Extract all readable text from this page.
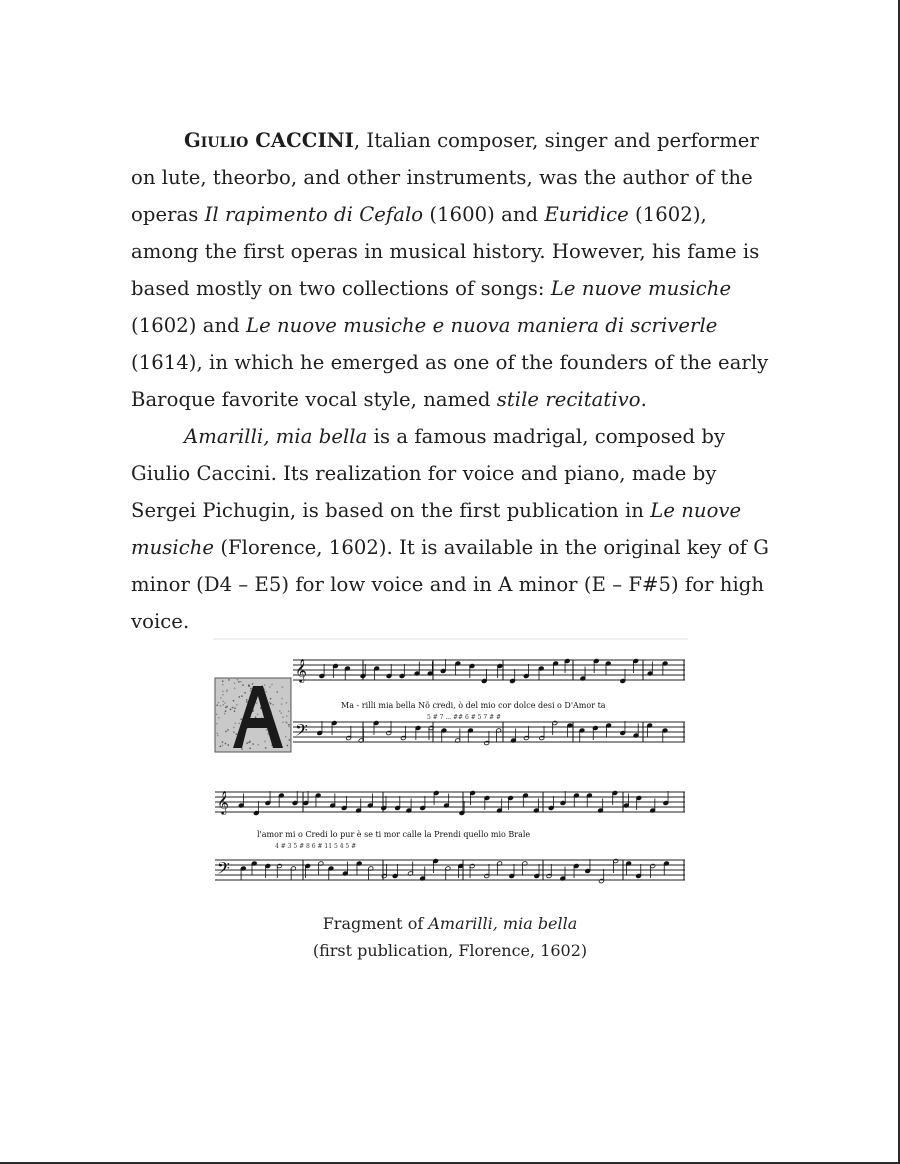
Giulio CACCINI, Italian composer, singer and performer on lute, theorbo, and other instruments, was the author of the operas Il rapimento di Cefalo (1600) and Euridice (1602), among the first operas in musical history. However, his fame is based mostly on two collections of songs: Le nuove musiche (1602) and Le nuove musiche e nuova maniera di scriverle (1614), in which he emerged as one of the founders of the early Baroque favorite vocal style, named stile recitativo.

Amarilli, mia bella is a famous madrigal, composed by Giulio Caccini. Its realization for voice and piano, made by Sergei Pichugin, is based on the first publication in Le nuove musiche (Florence, 1602). It is available in the original key of G minor (D4 – E5) for low voice and in A minor (E – F#5) for high voice.

𝄞
𝄢
𝄞
𝄢
Ma - rilli mia bella Nõ credi, ò del mio cor dolce desi o D'Amor ta
5 # 7 ... ## 6 # 5 7 # #
l'amor mi o Credi lo pur è se ti mor calle la Prendi quello mio Brale
4 # 3 5 # 8 6 # 11 5 4 5 #
Fragment of Amarilli, mia bella
(first publication, Florence, 1602)
